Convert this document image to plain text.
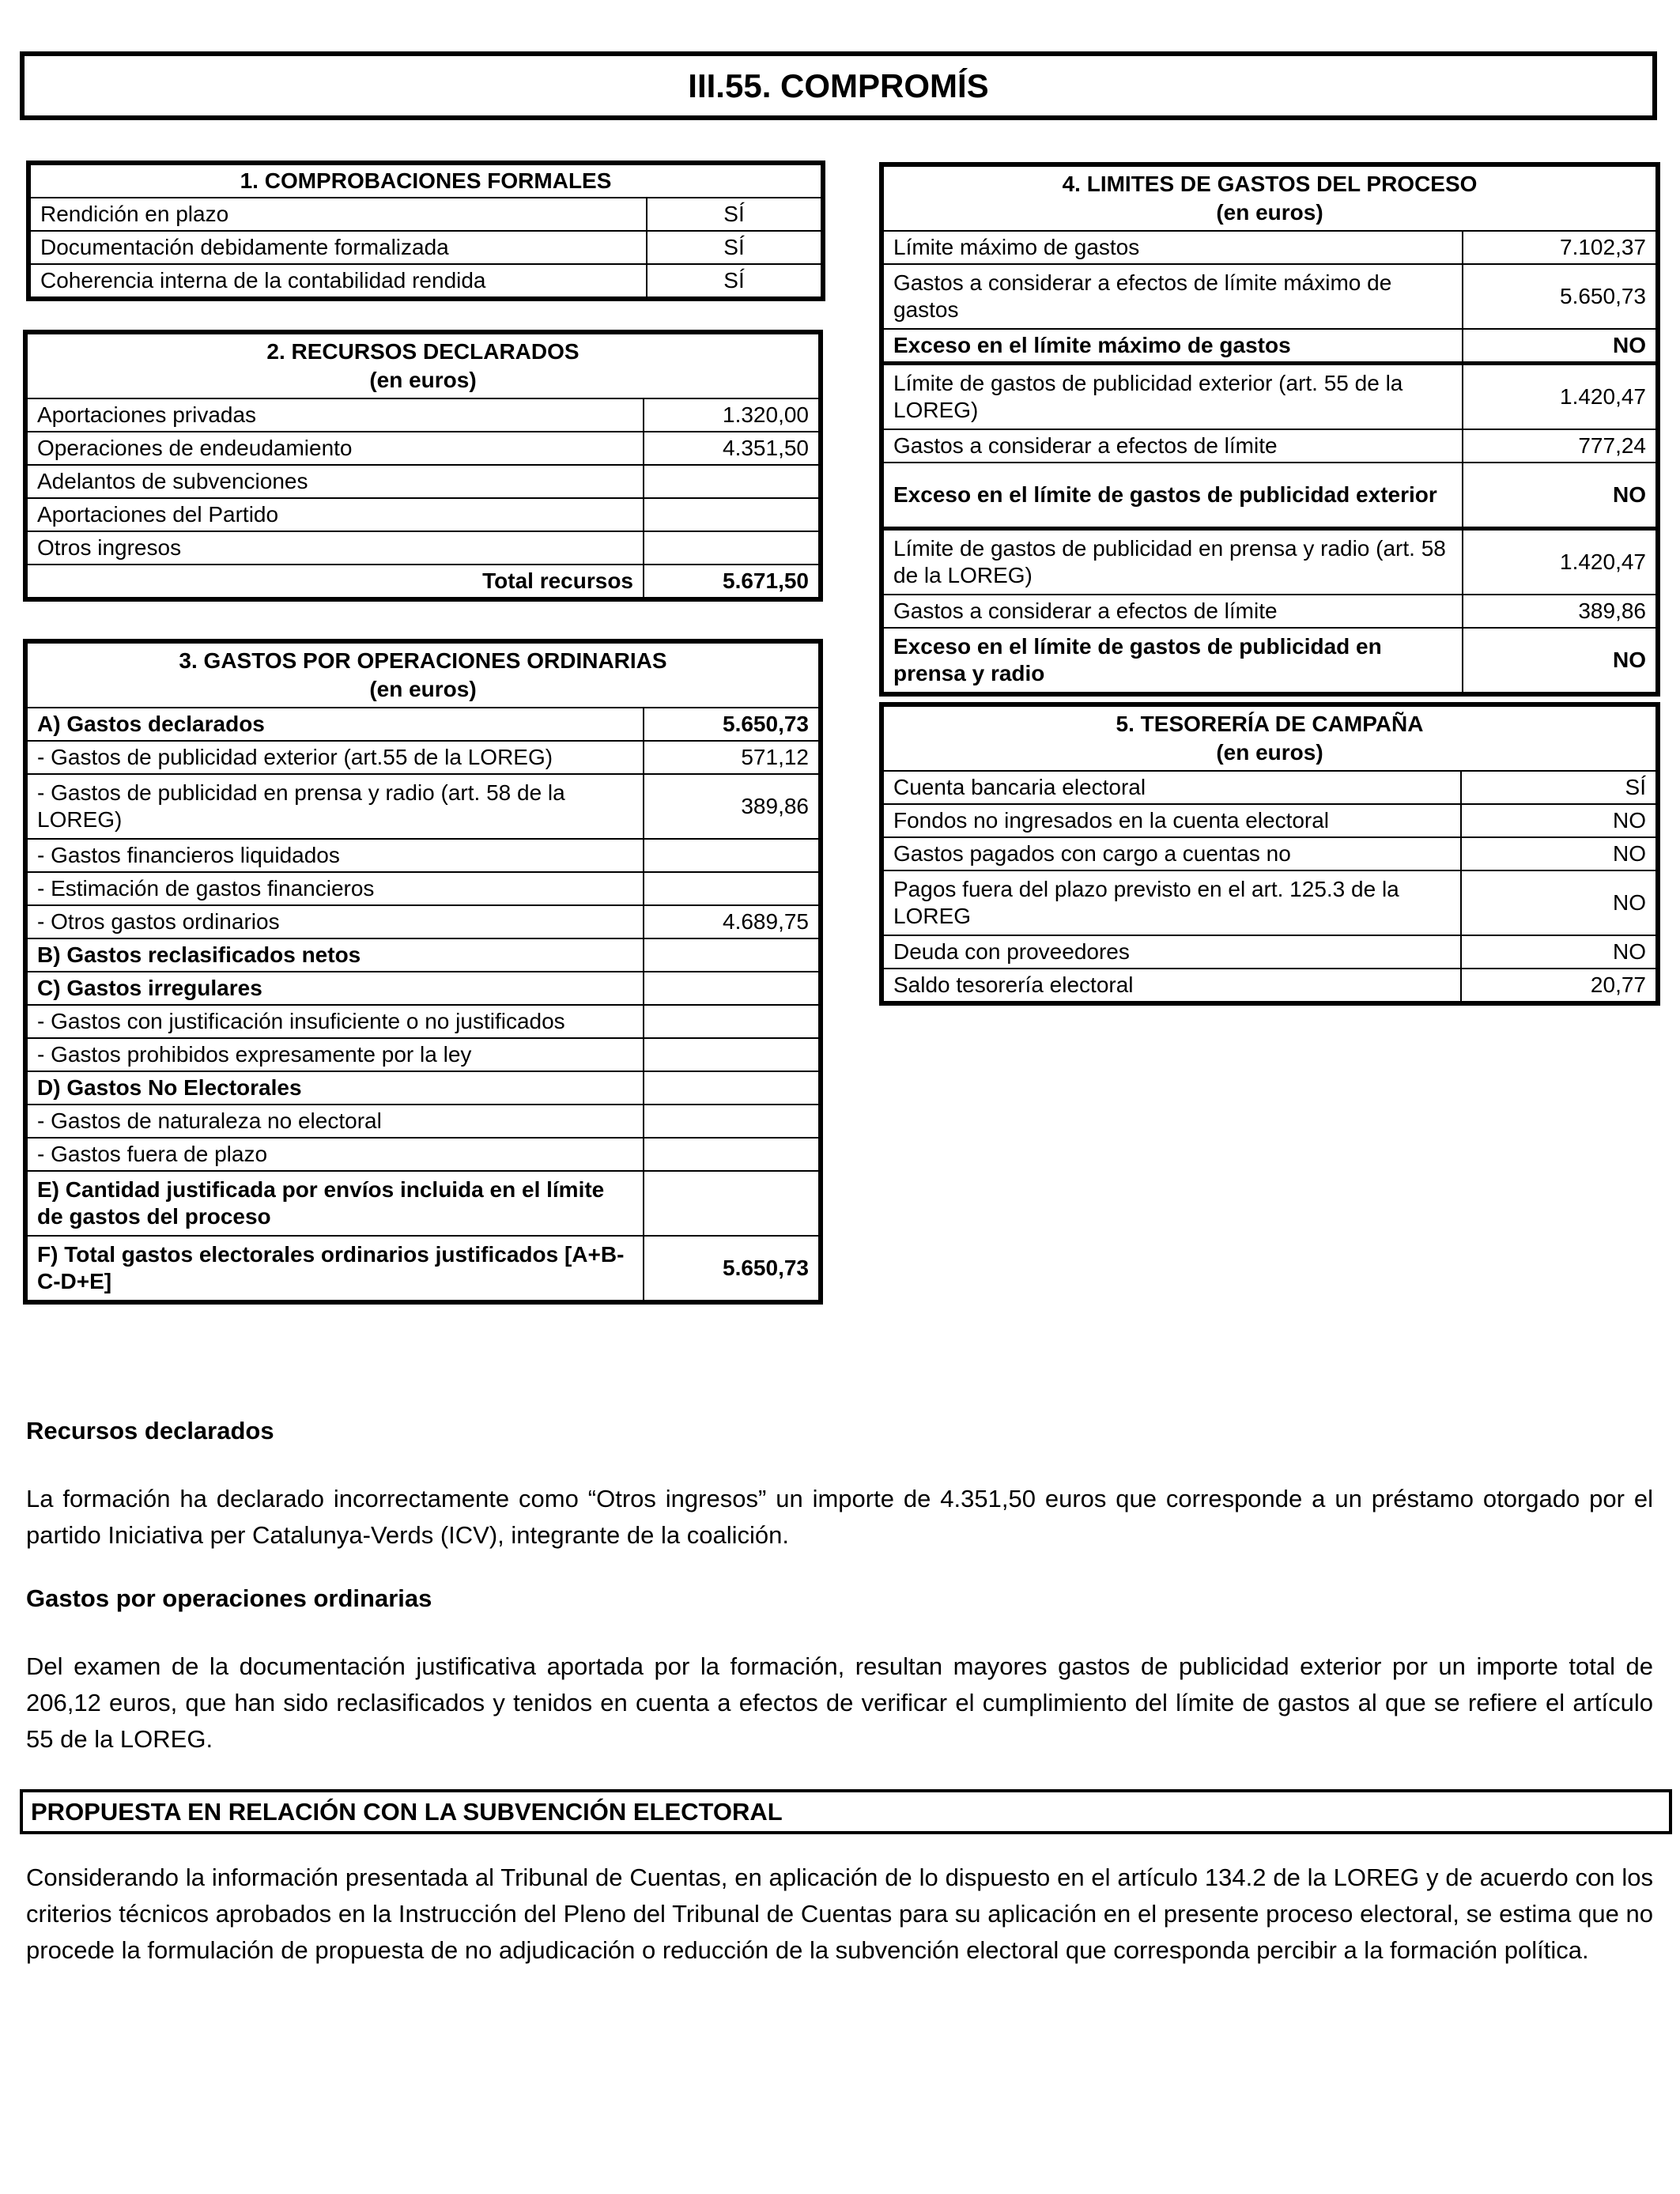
III.55. COMPROMÍS
1. COMPROBACIONES FORMALES	
Rendición en plazo	SÍ
Documentación debidamente formalizada	SÍ
Coherencia interna de la contabilidad rendida	SÍ
2. RECURSOS DECLARADOS
(en euros)	
Aportaciones privadas	1.320,00
Operaciones de endeudamiento	4.351,50
Adelantos de subvenciones	
Aportaciones del Partido	
Otros ingresos	
Total recursos	5.671,50
3. GASTOS POR OPERACIONES ORDINARIAS
(en euros)	
A) Gastos declarados	5.650,73
- Gastos de publicidad exterior (art.55 de la LOREG)	571,12
- Gastos de publicidad en prensa y radio (art. 58 de la LOREG)	389,86
- Gastos financieros liquidados	
- Estimación de gastos financieros	
- Otros gastos ordinarios	4.689,75
B) Gastos reclasificados netos	
C) Gastos irregulares	
- Gastos con justificación insuficiente o no justificados	
- Gastos prohibidos expresamente por la ley	
D) Gastos No Electorales	
- Gastos de naturaleza no electoral	
- Gastos fuera de plazo	
E) Cantidad justificada por envíos incluida en el límite de gastos del proceso	
F) Total gastos electorales ordinarios justificados [A+B-C-D+E]	5.650,73
4. LIMITES DE GASTOS DEL PROCESO
(en euros)	
Límite máximo de gastos	7.102,37
Gastos a considerar a efectos de límite máximo de gastos	5.650,73
Exceso en el límite máximo de gastos	NO
Límite de gastos de publicidad exterior (art. 55 de la LOREG)	1.420,47
Gastos a considerar a efectos de límite	777,24
Exceso en el límite de gastos de publicidad exterior	NO
Límite de gastos de publicidad en prensa y radio (art. 58 de la LOREG)	1.420,47
Gastos a considerar a efectos de límite	389,86
Exceso en el límite de gastos de publicidad en prensa y radio	NO
5. TESORERÍA DE CAMPAÑA
(en euros)	
Cuenta bancaria electoral	SÍ
Fondos no ingresados en la cuenta electoral	NO
Gastos pagados con cargo a cuentas no	NO
Pagos fuera del plazo previsto en el art. 125.3 de la LOREG	NO
Deuda con proveedores	NO
Saldo tesorería electoral	20,77
Recursos declarados
La formación ha declarado incorrectamente como “Otros ingresos” un importe de 4.351,50 euros que corresponde a un préstamo otorgado por el partido Iniciativa per Catalunya-Verds (ICV), integrante de la coalición.
Gastos por operaciones ordinarias
Del examen de la documentación justificativa aportada por la formación, resultan mayores gastos de publicidad exterior por un importe total de 206,12 euros, que han sido reclasificados y tenidos en cuenta a efectos de verificar el cumplimiento del límite de gastos al que se refiere el artículo 55 de la LOREG.
PROPUESTA EN RELACIÓN CON LA SUBVENCIÓN ELECTORAL
Considerando la información presentada al Tribunal de Cuentas, en aplicación de lo dispuesto en el artículo 134.2 de la LOREG y de acuerdo con los criterios técnicos aprobados en la Instrucción del Pleno del Tribunal de Cuentas para su aplicación en el presente proceso electoral, se estima que no procede la formulación de propuesta de no adjudicación o reducción de la subvención electoral que corresponda percibir a la formación política.
